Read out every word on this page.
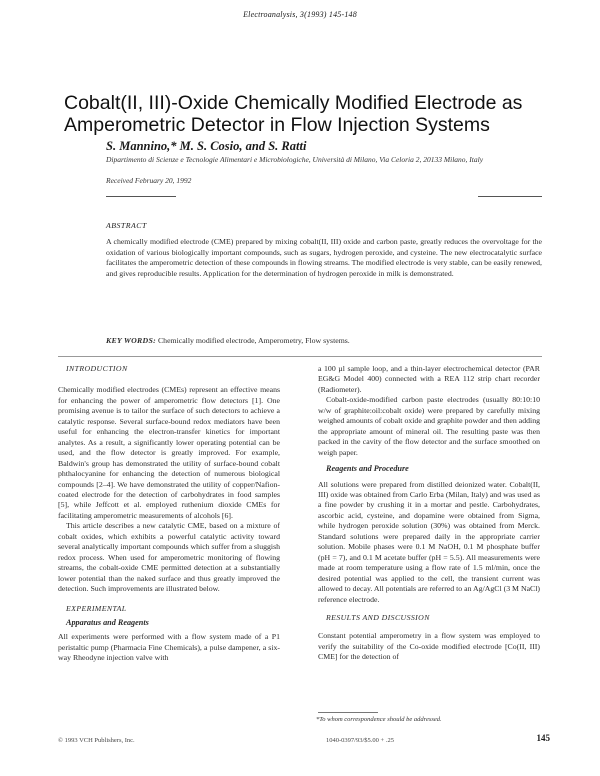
Electroanalysis, 3(1993) 145-148
Cobalt(II, III)-Oxide Chemically Modified Electrode as Amperometric Detector in Flow Injection Systems
S. Mannino,* M. S. Cosio, and S. Ratti
Dipartimento di Scienze e Tecnologie Alimentari e Microbiologiche, Università di Milano, Via Celoria 2, 20133 Milano, Italy
Received February 20, 1992
ABSTRACT
A chemically modified electrode (CME) prepared by mixing cobalt(II, III) oxide and carbon paste, greatly reduces the overvoltage for the oxidation of various biologically important compounds, such as sugars, hydrogen peroxide, and cysteine. The new electrocatalytic surface facilitates the amperometric detection of these compounds in flowing streams. The modified electrode is very stable, can be easily renewed, and gives reproducible results. Application for the determination of hydrogen peroxide in milk is demonstrated.
KEY WORDS: Chemically modified electrode, Amperometry, Flow systems.

INTRODUCTION

Chemically modified electrodes (CMEs) represent an effective means for enhancing the power of amperometric flow detectors [1]. One promising avenue is to tailor the surface of such detectors to achieve a catalytic response. Several surface-bound redox mediators have been useful for enhancing the electron-transfer kinetics for important analytes. As a result, a significantly lower operating potential can be used, and the flow detector is greatly improved. For example, Baldwin's group has demonstrated the utility of surface-bound cobalt phthalocyanine for enhancing the detection of numerous biological compounds [2–4]. We have demonstrated the utility of copper/Nafion-coated electrode for the detection of carbohydrates in food samples [5], while Jeffcott et al. employed ruthenium dioxide CMEs for facilitating amperometric measurements of alcohols [6].

This article describes a new catalytic CME, based on a mixture of cobalt oxides, which exhibits a powerful catalytic activity toward several analytically important compounds which suffer from a sluggish redox process. When used for amperometric monitoring of flowing streams, the cobalt-oxide CME permitted detection at a substantially lower potential than the naked surface and thus greatly improved the detection. Such improvements are illustrated below.

EXPERIMENTAL

Apparatus and Reagents

All experiments were performed with a flow system made of a P1 peristaltic pump (Pharmacia Fine Chemicals), a pulse dampener, a six-way Rheodyne injection valve with

a 100 µl sample loop, and a thin-layer electrochemical detector (PAR EG&G Model 400) connected with a REA 112 strip chart recorder (Radiometer).

Cobalt-oxide-modified carbon paste electrodes (usually 80:10:10 w/w of graphite:oil:cobalt oxide) were prepared by carefully mixing weighed amounts of cobalt oxide and graphite powder and then adding the appropriate amount of mineral oil. The resulting paste was then packed in the cavity of the flow detector and the surface smoothed on weigh paper.

Reagents and Procedure

All solutions were prepared from distilled deionized water. Cobalt(II, III) oxide was obtained from Carlo Erba (Milan, Italy) and was used as a fine powder by crushing it in a mortar and pestle. Carbohydrates, ascorbic acid, cysteine, and dopamine were obtained from Sigma, while hydrogen peroxide solution (30%) was obtained from Merck. Standard solutions were prepared daily in the appropriate carrier solution. Mobile phases were 0.1 M NaOH, 0.1 M phosphate buffer (pH = 7), and 0.1 M acetate buffer (pH = 5.5). All measurements were made at room temperature using a flow rate of 1.5 ml/min, once the desired potential was applied to the cell, the transient current was allowed to decay. All potentials are referred to an Ag/AgCl (3 M NaCl) reference electrode.

RESULTS AND DISCUSSION

Constant potential amperometry in a flow system was employed to verify the suitability of the Co-oxide modified electrode [Co(II, III) CME] for the detection of

*To whom correspondence should be addressed.
© 1993 VCH Publishers, Inc.	1040-0397/93/$5.00 + .25	145
